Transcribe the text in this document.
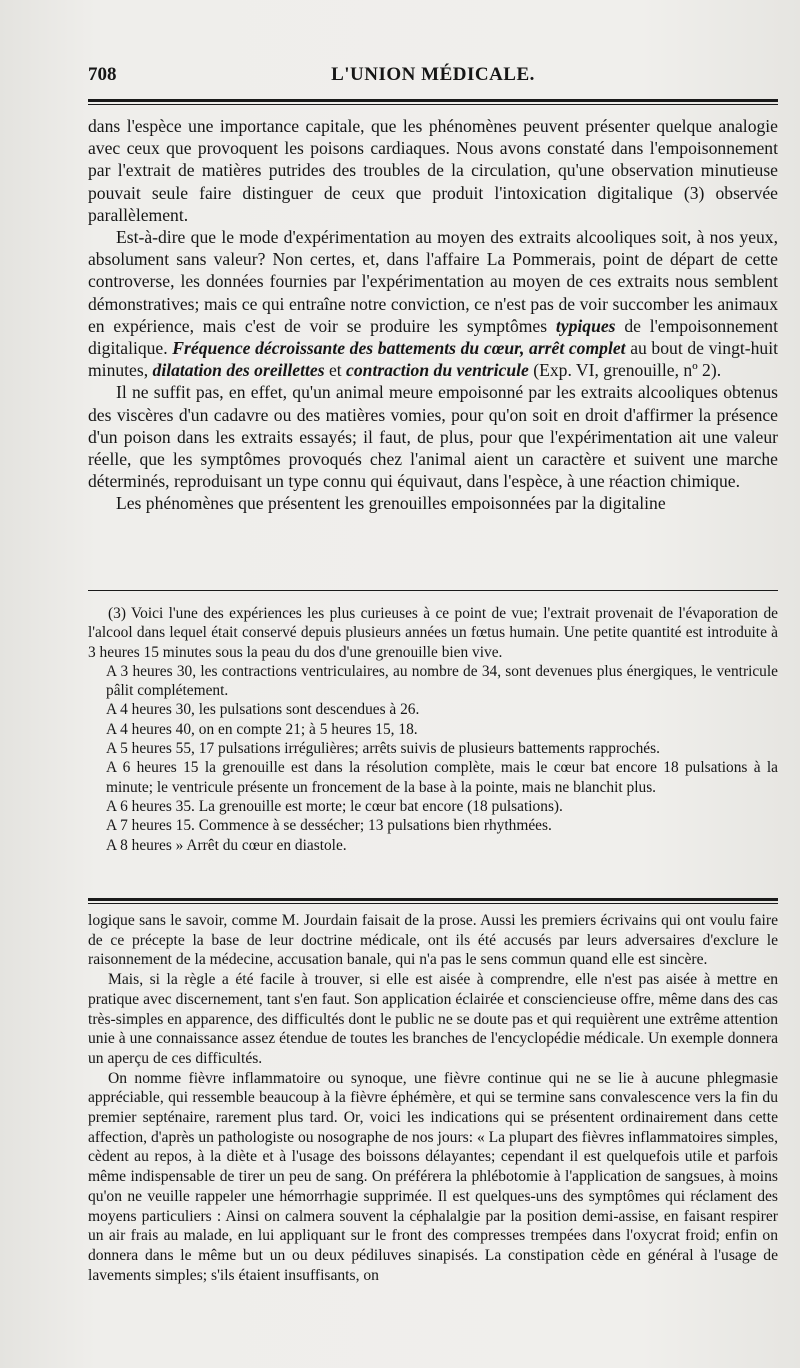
708	L'UNION MÉDICALE.

dans l'espèce une importance capitale, que les phénomènes peuvent présenter quelque analogie avec ceux que provoquent les poisons cardiaques. Nous avons constaté dans l'empoisonnement par l'extrait de matières putrides des troubles de la circulation, qu'une observation minutieuse pouvait seule faire distinguer de ceux que produit l'intoxication digitalique (3) observée parallèlement.

Est-à-dire que le mode d'expérimentation au moyen des extraits alcooliques soit, à nos yeux, absolument sans valeur? Non certes, et, dans l'affaire La Pommerais, point de départ de cette controverse, les données fournies par l'expérimentation au moyen de ces extraits nous semblent démonstratives; mais ce qui entraîne notre conviction, ce n'est pas de voir succomber les animaux en expérience, mais c'est de voir se produire les symptômes typiques de l'empoisonnement digitalique. Fréquence décroissante des battements du cœur, arrêt complet au bout de vingt-huit minutes, dilatation des oreillettes et contraction du ventricule (Exp. VI, grenouille, nº 2).

Il ne suffit pas, en effet, qu'un animal meure empoisonné par les extraits alcooliques obtenus des viscères d'un cadavre ou des matières vomies, pour qu'on soit en droit d'affirmer la présence d'un poison dans les extraits essayés; il faut, de plus, pour que l'expérimentation ait une valeur réelle, que les symptômes provoqués chez l'animal aient un caractère et suivent une marche déterminés, reproduisant un type connu qui équivaut, dans l'espèce, à une réaction chimique.

Les phénomènes que présentent les grenouilles empoisonnées par la digitaline

(3) Voici l'une des expériences les plus curieuses à ce point de vue; l'extrait provenait de l'évaporation de l'alcool dans lequel était conservé depuis plusieurs années un fœtus humain. Une petite quantité est introduite à 3 heures 15 minutes sous la peau du dos d'une grenouille bien vive.

A 3 heures 30, les contractions ventriculaires, au nombre de 34, sont devenues plus énergiques, le ventricule pâlit complétement.
A 4 heures 30, les pulsations sont descendues à 26.
A 4 heures 40, on en compte 21; à 5 heures 15, 18.
A 5 heures 55, 17 pulsations irrégulières; arrêts suivis de plusieurs battements rapprochés.
A 6 heures 15 la grenouille est dans la résolution complète, mais le cœur bat encore 18 pulsations à la minute; le ventricule présente un froncement de la base à la pointe, mais ne blanchit plus.
A 6 heures 35. La grenouille est morte; le cœur bat encore (18 pulsations).
A 7 heures 15. Commence à se dessécher; 13 pulsations bien rhythmées.
A 8 heures » Arrêt du cœur en diastole.

logique sans le savoir, comme M. Jourdain faisait de la prose. Aussi les premiers écrivains qui ont voulu faire de ce précepte la base de leur doctrine médicale, ont ils été accusés par leurs adversaires d'exclure le raisonnement de la médecine, accusation banale, qui n'a pas le sens commun quand elle est sincère.

Mais, si la règle a été facile à trouver, si elle est aisée à comprendre, elle n'est pas aisée à mettre en pratique avec discernement, tant s'en faut. Son application éclairée et consciencieuse offre, même dans des cas très-simples en apparence, des difficultés dont le public ne se doute pas et qui requièrent une extrême attention unie à une connaissance assez étendue de toutes les branches de l'encyclopédie médicale. Un exemple donnera un aperçu de ces difficultés.

On nomme fièvre inflammatoire ou synoque, une fièvre continue qui ne se lie à aucune phlegmasie appréciable, qui ressemble beaucoup à la fièvre éphémère, et qui se termine sans convalescence vers la fin du premier septénaire, rarement plus tard. Or, voici les indications qui se présentent ordinairement dans cette affection, d'après un pathologiste ou nosographe de nos jours: « La plupart des fièvres inflammatoires simples, cèdent au repos, à la diète et à l'usage des boissons délayantes; cependant il est quelquefois utile et parfois même indispensable de tirer un peu de sang. On préférera la phlébotomie à l'application de sangsues, à moins qu'on ne veuille rappeler une hémorrhagie supprimée. Il est quelques-uns des symptômes qui réclament des moyens particuliers : Ainsi on calmera souvent la céphalalgie par la position demi-assise, en faisant respirer un air frais au malade, en lui appliquant sur le front des compresses trempées dans l'oxycrat froid; enfin on donnera dans le même but un ou deux pédiluves sinapisés. La constipation cède en général à l'usage de lavements simples; s'ils étaient insuffisants, on
